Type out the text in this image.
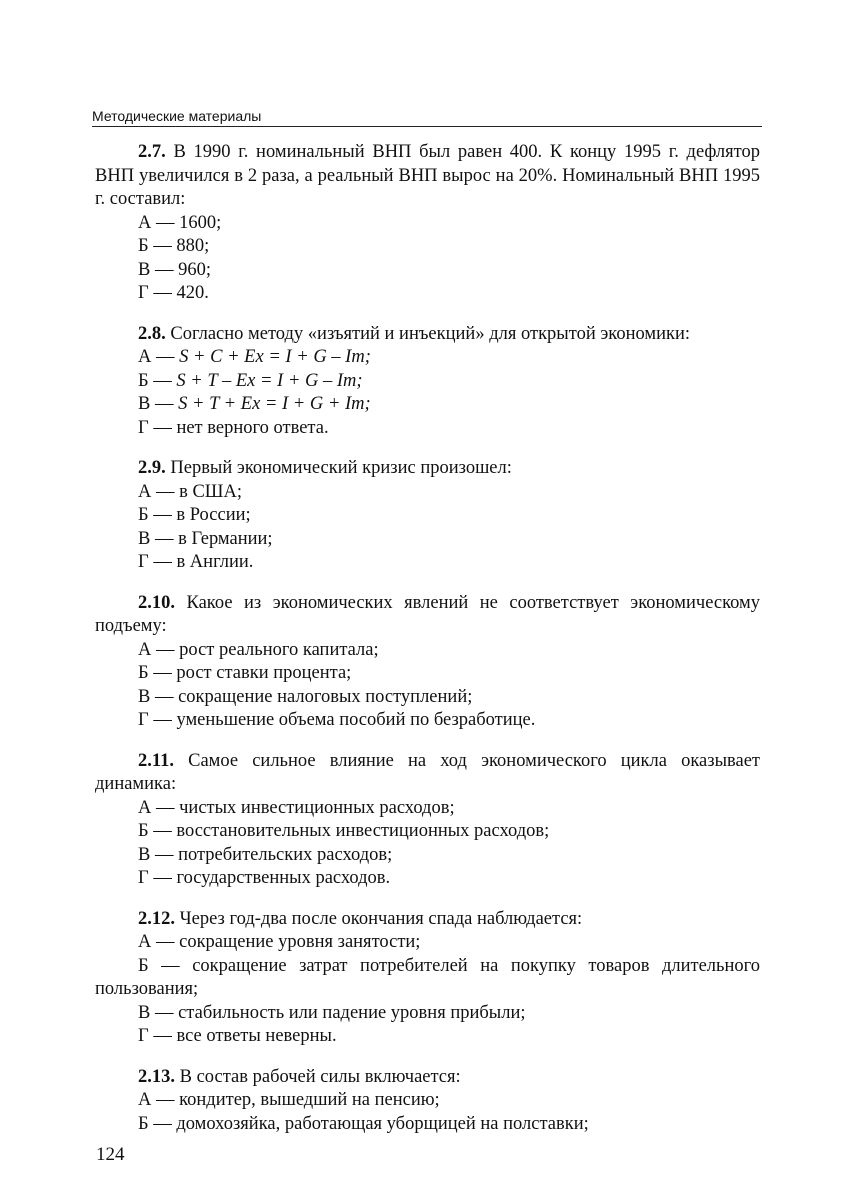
Методические материалы
2.7. В 1990 г. номинальный ВНП был равен 400. К концу 1995 г. дефлятор ВНП увеличился в 2 раза, а реальный ВНП вырос на 20%. Номинальный ВНП 1995 г. составил:
А — 1600;
Б — 880;
В — 960;
Г — 420.
2.8. Согласно методу «изъятий и инъекций» для открытой экономики:
А — S + C + Ex = I + G – Im;
Б — S + T – Ex = I + G – Im;
В — S + T + Ex = I + G + Im;
Г — нет верного ответа.
2.9. Первый экономический кризис произошел:
А — в США;
Б — в России;
В — в Германии;
Г — в Англии.
2.10. Какое из экономических явлений не соответствует экономическому подъему:
А — рост реального капитала;
Б — рост ставки процента;
В — сокращение налоговых поступлений;
Г — уменьшение объема пособий по безработице.
2.11. Самое сильное влияние на ход экономического цикла оказывает динамика:
А — чистых инвестиционных расходов;
Б — восстановительных инвестиционных расходов;
В — потребительских расходов;
Г — государственных расходов.
2.12. Через год-два после окончания спада наблюдается:
А — сокращение уровня занятости;
Б — сокращение затрат потребителей на покупку товаров длительного пользования;
В — стабильность или падение уровня прибыли;
Г — все ответы неверны.
2.13. В состав рабочей силы включается:
А — кондитер, вышедший на пенсию;
Б — домохозяйка, работающая уборщицей на полставки;
124
